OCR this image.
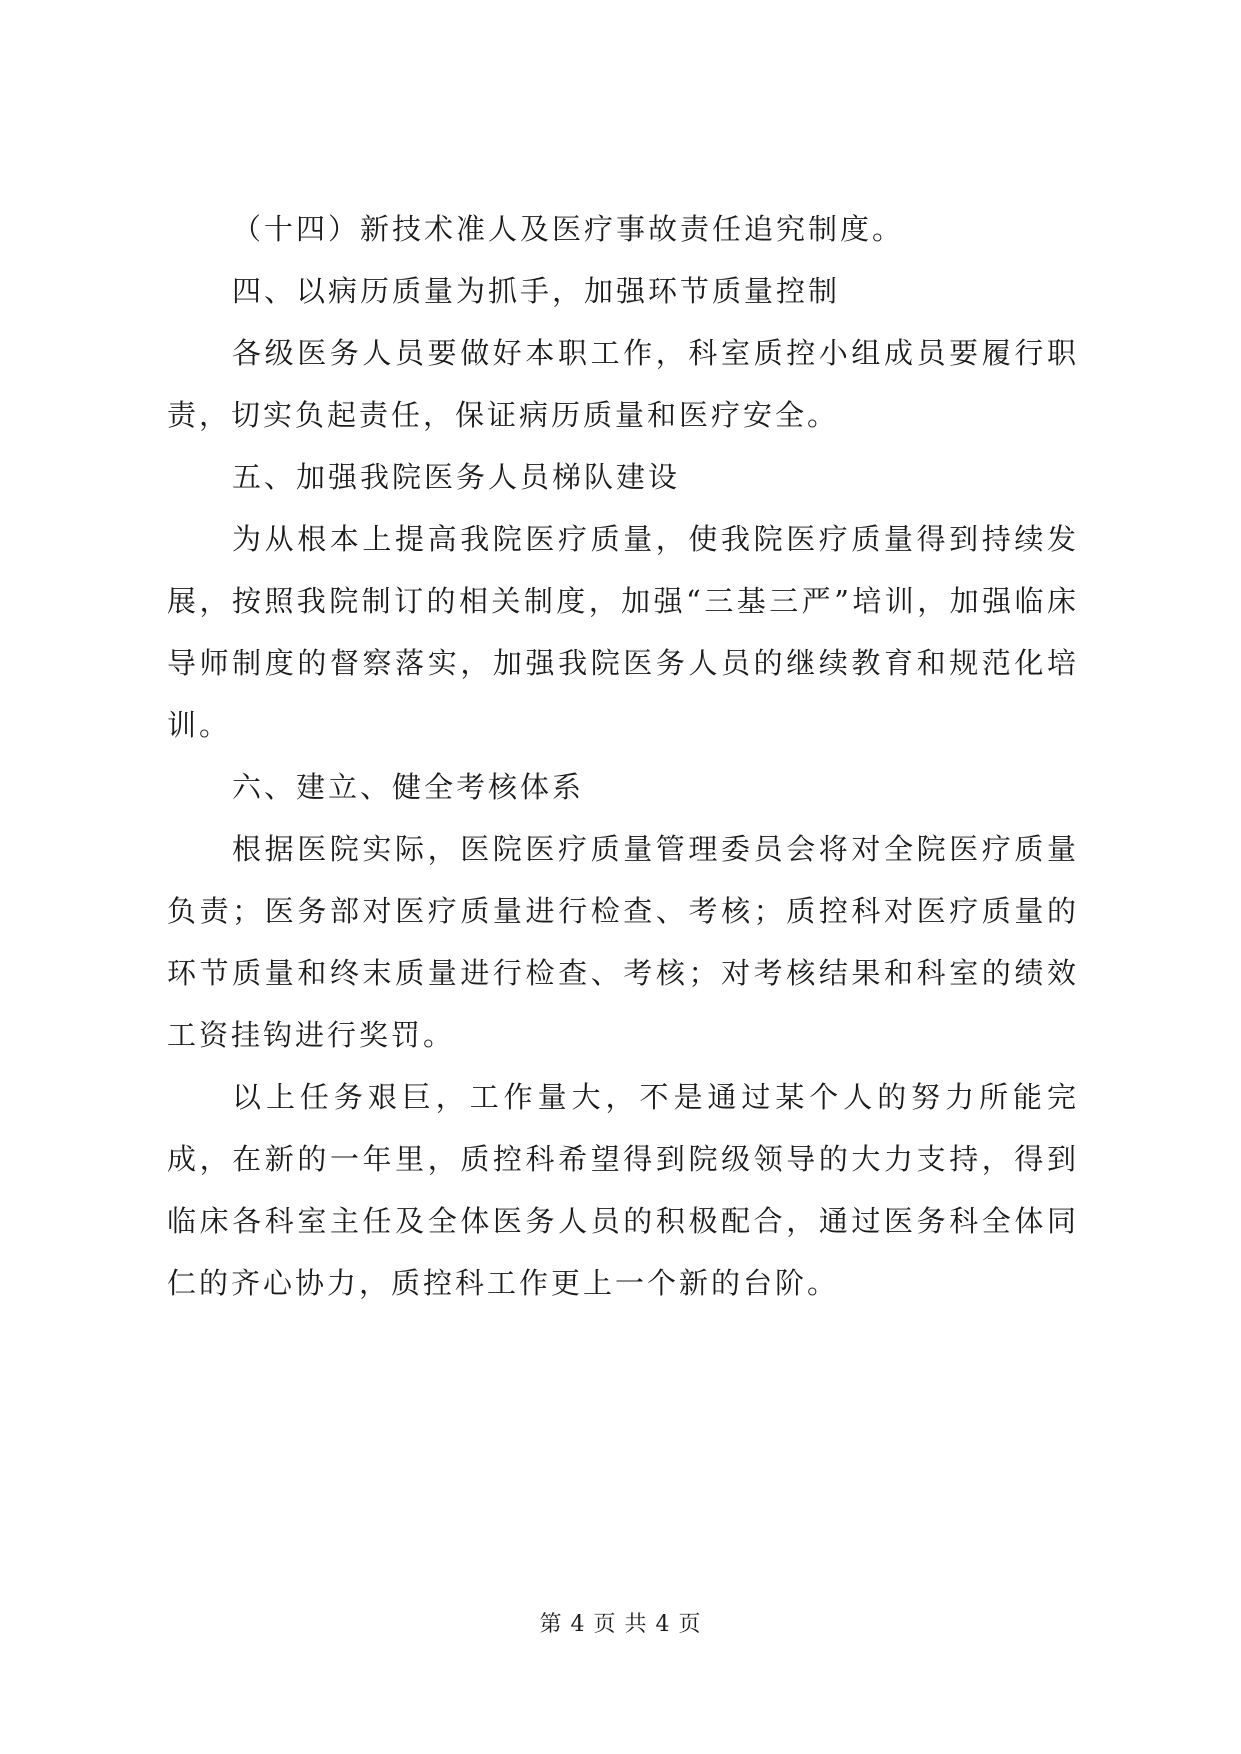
（十四）新技术准人及医疗事故责任追究制度。

四、以病历质量为抓手，加强环节质量控制

各级医务人员要做好本职工作，科室质控小组成员要履行职责，切实负起责任，保证病历质量和医疗安全。

五、加强我院医务人员梯队建设

为从根本上提高我院医疗质量，使我院医疗质量得到持续发展，按照我院制订的相关制度，加强“三基三严”培训，加强临床导师制度的督察落实，加强我院医务人员的继续教育和规范化培训。

六、建立、健全考核体系

根据医院实际，医院医疗质量管理委员会将对全院医疗质量负责；医务部对医疗质量进行检查、考核；质控科对医疗质量的环节质量和终末质量进行检查、考核；对考核结果和科室的绩效工资挂钩进行奖罚。

以上任务艰巨，工作量大，不是通过某个人的努力所能完成，在新的一年里，质控科希望得到院级领导的大力支持，得到临床各科室主任及全体医务人员的积极配合，通过医务科全体同仁的齐心协力，质控科工作更上一个新的台阶。

第 4 页 共 4 页
